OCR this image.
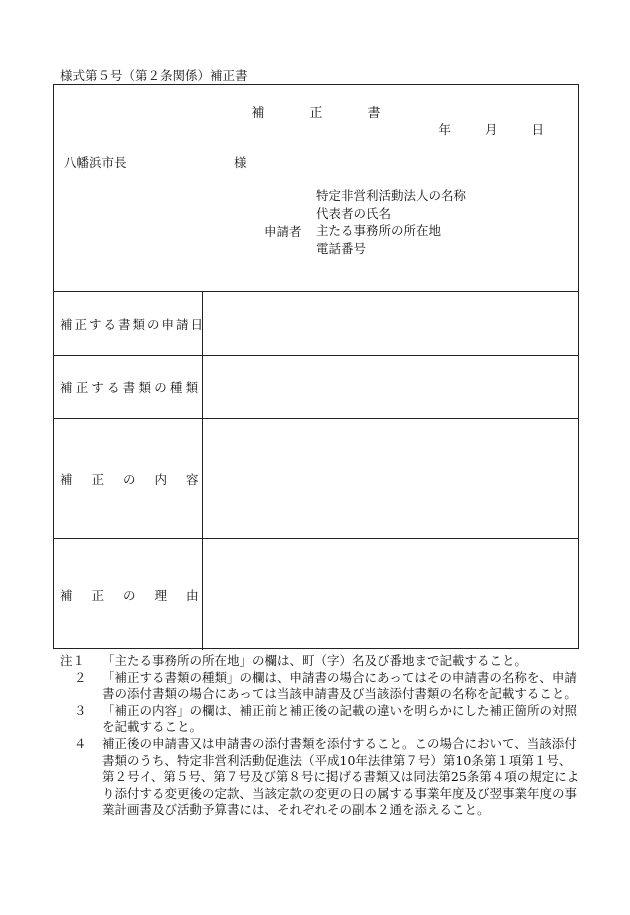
様式第５号（第２条関係）補正書
補　正　書
年	月	日
八幡浜市長	様
申請者
特定非営利活動法人の名称
代表者の氏名
主たる事務所の所在地
電話番号
補正する書類の申請日
補正する書類の種類
補正の内容
補正の理由
注１	「主たる事務所の所在地」の欄は、町（字）名及び番地まで記載すること。
２	「補正する書類の種類」の欄は、申請書の場合にあってはその申請書の名称を、申請書の添付書類の場合にあっては当該申請書及び当該添付書類の名称を記載すること。
３	「補正の内容」の欄は、補正前と補正後の記載の違いを明らかにした補正箇所の対照を記載すること。
４	補正後の申請書又は申請書の添付書類を添付すること。この場合において、当該添付書類のうち、特定非営利活動促進法（平成10年法律第７号）第10条第１項第１号、第２号イ、第５号、第７号及び第８号に掲げる書類又は同法第25条第４項の規定により添付する変更後の定款、当該定款の変更の日の属する事業年度及び翌事業年度の事業計画書及び活動予算書には、それぞれその副本２通を添えること。
